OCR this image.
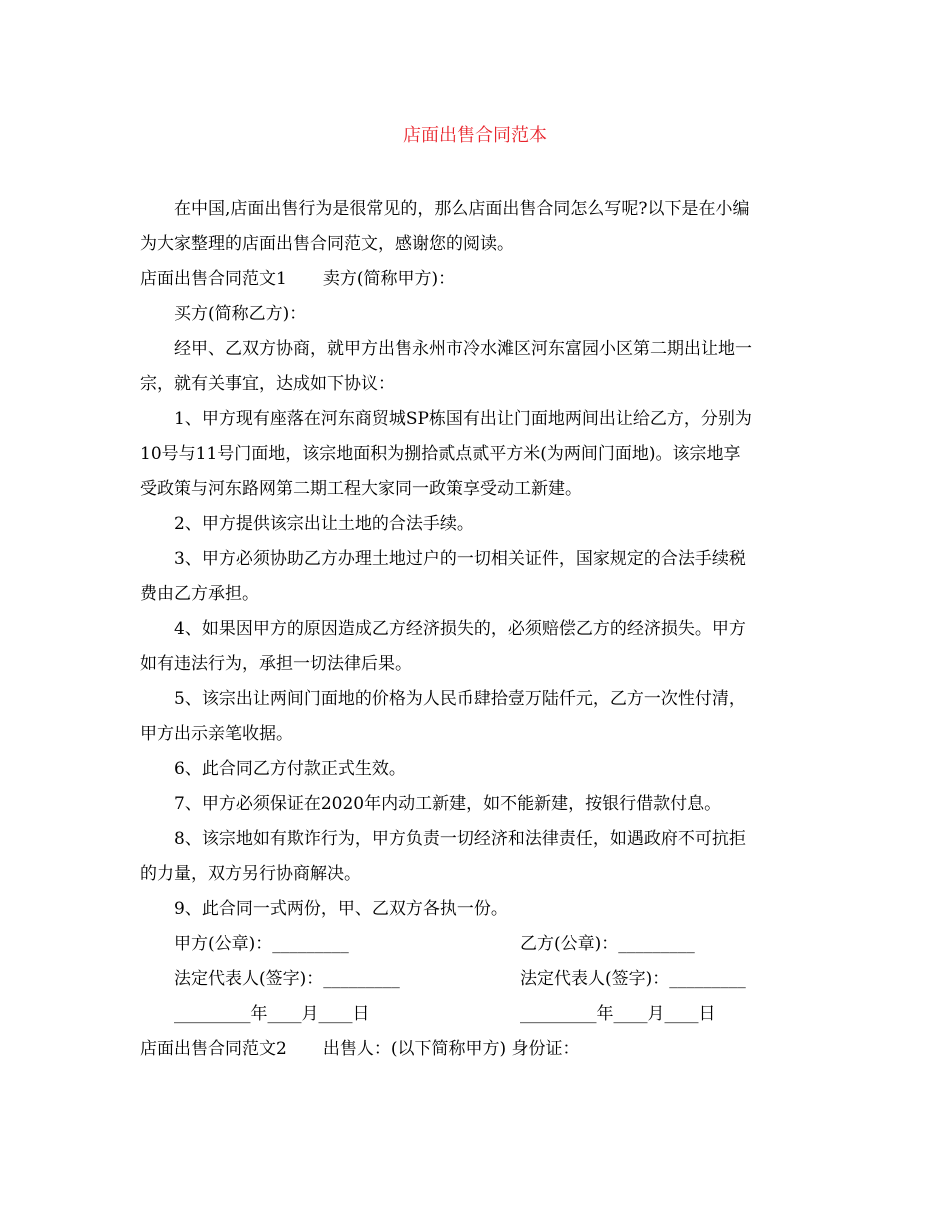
店面出售合同范本
在中国,店面出售行为是很常见的，那么店面出售合同怎么写呢?以下是在小编
为大家整理的店面出售合同范文，感谢您的阅读。
店面出售合同范文1 卖方(简称甲方)：
买方(简称乙方)：
经甲、乙双方协商，就甲方出售永州市冷水滩区河东富园小区第二期出让地一
宗，就有关事宜，达成如下协议：
1、甲方现有座落在河东商贸城SP栋国有出让门面地两间出让给乙方，分别为
10号与11号门面地，该宗地面积为捌拾贰点贰平方米(为两间门面地)。该宗地享
受政策与河东路网第二期工程大家同一政策享受动工新建。
2、甲方提供该宗出让土地的合法手续。
3、甲方必须协助乙方办理土地过户的一切相关证件，国家规定的合法手续税
费由乙方承担。
4、如果因甲方的原因造成乙方经济损失的，必须赔偿乙方的经济损失。甲方
如有违法行为，承担一切法律后果。
5、该宗出让两间门面地的价格为人民币肆拾壹万陆仟元，乙方一次性付清，
甲方出示亲笔收据。
6、此合同乙方付款正式生效。
7、甲方必须保证在2020年内动工新建，如不能新建，按银行借款付息。
8、该宗地如有欺诈行为，甲方负责一切经济和法律责任，如遇政府不可抗拒
的力量，双方另行协商解决。
9、此合同一式两份，甲、乙双方各执一份。
甲方(公章)：_________	乙方(公章)：_________
法定代表人(签字)：_________	法定代表人(签字)：_________
_________年____月____日	_________年____月____日
店面出售合同范文2 出售人：(以下简称甲方) 身份证：
